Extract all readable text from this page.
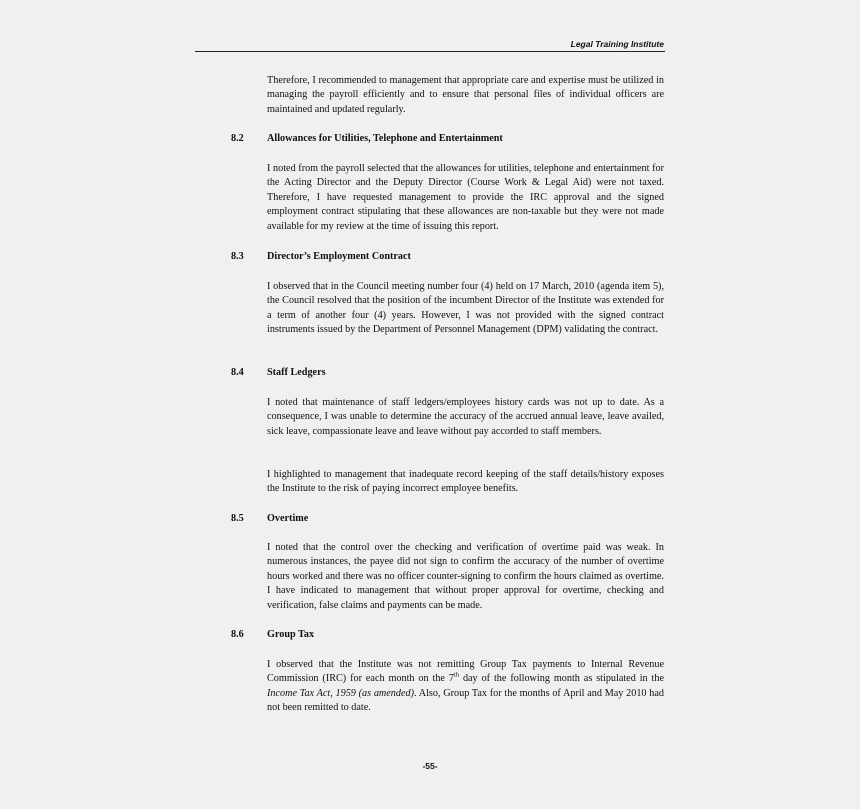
Legal Training Institute

Therefore, I recommended to management that appropriate care and expertise must be utilized in managing the payroll efficiently and to ensure that personal files of individual officers are maintained and updated regularly.

8.2 Allowances for Utilities, Telephone and Entertainment

I noted from the payroll selected that the allowances for utilities, telephone and entertainment for the Acting Director and the Deputy Director (Course Work & Legal Aid) were not taxed. Therefore, I have requested management to provide the IRC approval and the signed employment contract stipulating that these allowances are non-taxable but they were not made available for my review at the time of issuing this report.

8.3 Director’s Employment Contract

I observed that in the Council meeting number four (4) held on 17 March, 2010 (agenda item 5), the Council resolved that the position of the incumbent Director of the Institute was extended for a term of another four (4) years. However, I was not provided with the signed contract instruments issued by the Department of Personnel Management (DPM) validating the contract.

8.4 Staff Ledgers

I noted that maintenance of staff ledgers/employees history cards was not up to date. As a consequence, I was unable to determine the accuracy of the accrued annual leave, leave availed, sick leave, compassionate leave and leave without pay accorded to staff members.

I highlighted to management that inadequate record keeping of the staff details/history exposes the Institute to the risk of paying incorrect employee benefits.

8.5 Overtime

I noted that the control over the checking and verification of overtime paid was weak. In numerous instances, the payee did not sign to confirm the accuracy of the number of overtime hours worked and there was no officer counter-signing to confirm the hours claimed as overtime. I have indicated to management that without proper approval for overtime, checking and verification, false claims and payments can be made.

8.6 Group Tax

I observed that the Institute was not remitting Group Tax payments to Internal Revenue Commission (IRC) for each month on the 7th day of the following month as stipulated in the Income Tax Act, 1959 (as amended). Also, Group Tax for the months of April and May 2010 had not been remitted to date.

-55-
